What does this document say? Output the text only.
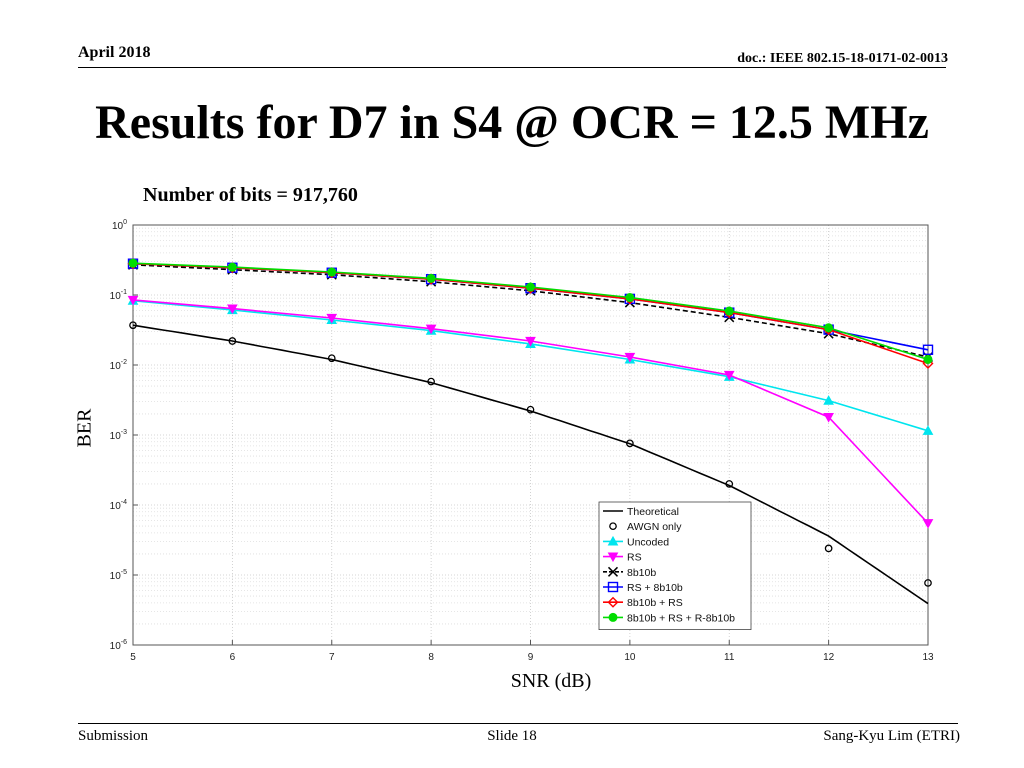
April 2018	doc.: IEEE 802.15-18-0171-02-0013
Results for D7 in S4 @ OCR = 12.5 MHz
Number of bits = 917,760
5	6	7	8	9	10	11	12	13
$10^0$
$10^{-1}$
$10^{-2}$
$10^{-3}$
$10^{-4}$
$10^{-5}$
$10^{-6}$
Theoretical
AWGN only
Uncoded
RS
8b10b
RS + 8b10b
8b10b + RS
8b10b + RS + R-8b10b
BER
SNR (dB)
Submission	Slide 18	Sang-Kyu Lim (ETRI)
